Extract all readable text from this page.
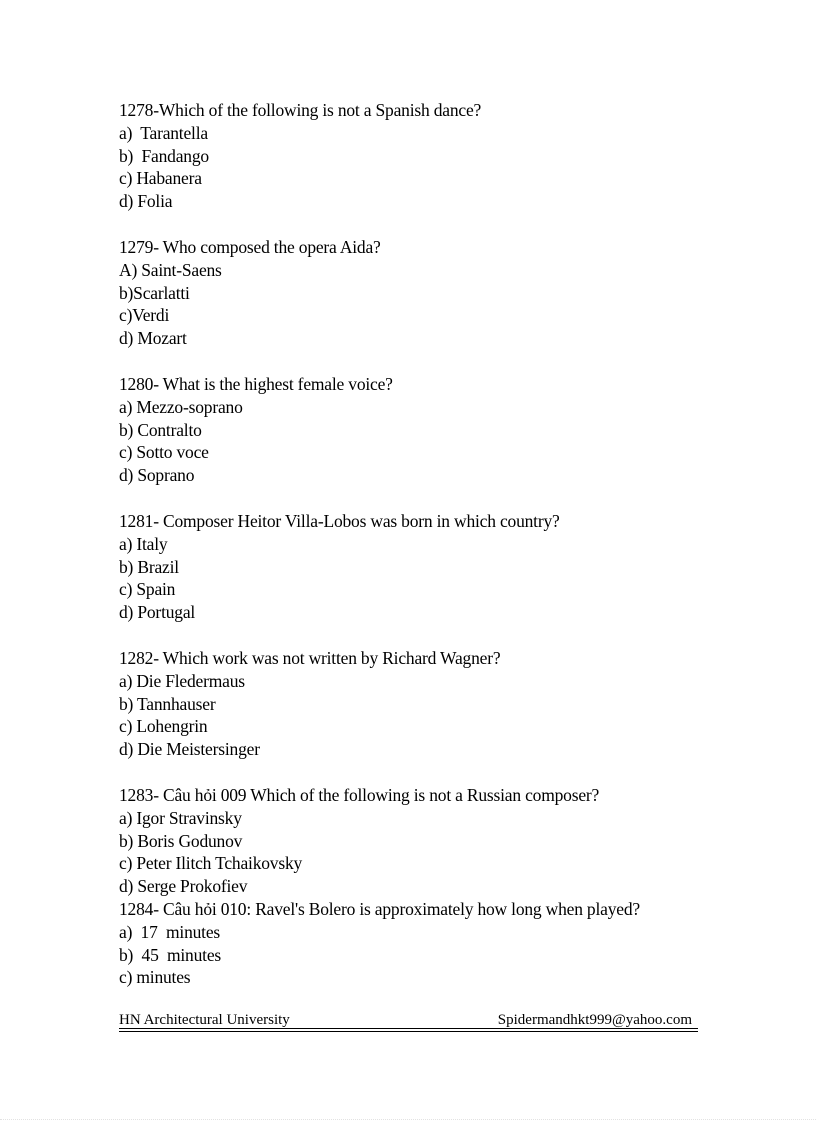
1278-Which of the following is not a Spanish dance?
a)  Tarantella
b)  Fandango
c) Habanera
d) Folia
1279- Who composed the opera Aida?
A) Saint-Saens
b)Scarlatti
c)Verdi
d) Mozart
1280- What is the highest female voice?
a) Mezzo-soprano
b) Contralto
c) Sotto voce
d) Soprano
1281- Composer Heitor Villa-Lobos was born in which country?
a) Italy
b) Brazil
c) Spain
d) Portugal
1282- Which work was not written by Richard Wagner?
a) Die Fledermaus
b) Tannhauser
c) Lohengrin
d) Die Meistersinger
1283- Câu hỏi 009 Which of the following is not a Russian composer?
a) Igor Stravinsky
b) Boris Godunov
c) Peter Ilitch Tchaikovsky
d) Serge Prokofiev
1284- Câu hỏi 010: Ravel's Bolero is approximately how long when played?
a)  17  minutes
b)  45  minutes
c) minutes
HN Architectural University	Spidermandhkt999@yahoo.com
